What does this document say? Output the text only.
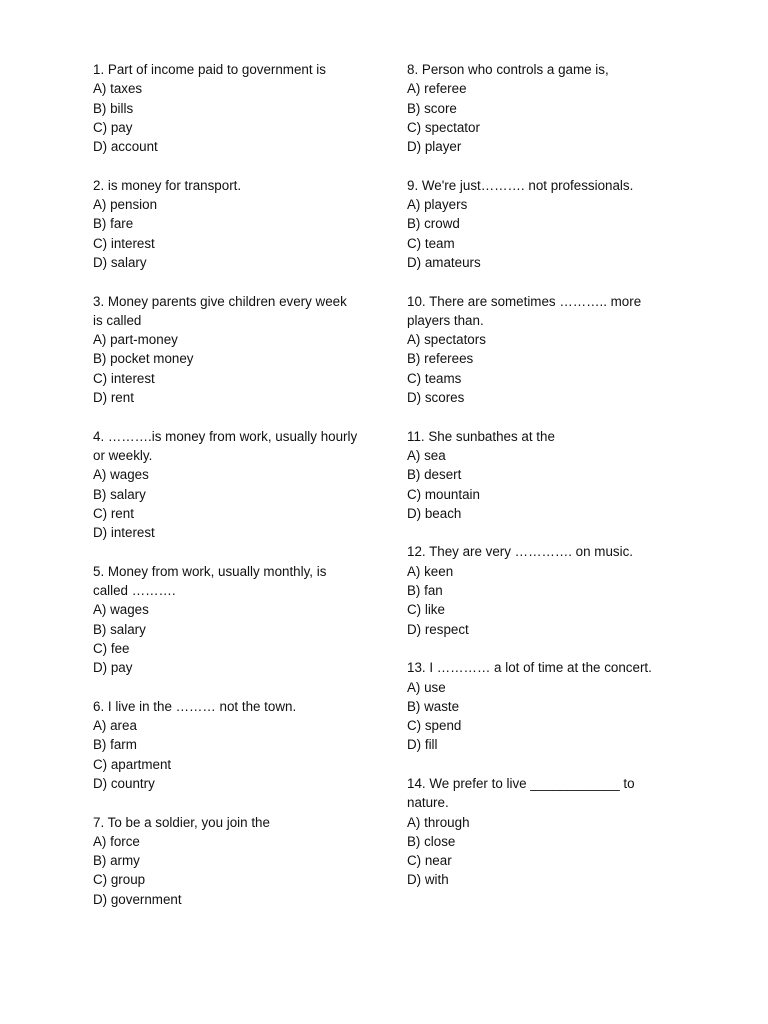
1. Part of income paid to government is
A) taxes
B) bills
C) pay
D) account
2. is money for transport.
A) pension
B) fare
C) interest
D) salary
3. Money parents give children every week is called
A) part-money
B) pocket money
C) interest
D) rent
4. ……….is money from work, usually hourly or weekly.
A) wages
B) salary
C) rent
D) interest
5. Money from work, usually monthly, is called ……….
A) wages
B) salary
C) fee
D) pay
6. I live in the ……… not the town.
A) area
B) farm
C) apartment
D) country
7. To be a soldier, you join the
A) force
B) army
C) group
D) government
8. Person who controls a game is,
A) referee
B) score
C) spectator
D) player
9. We're just………. not professionals.
A) players
B) crowd
C) team
D) amateurs
10. There are sometimes ……….. more players than.
A) spectators
B) referees
C) teams
D) scores
11. She sunbathes at the
A) sea
B) desert
C) mountain
D) beach
12. They are very …………. on music.
A) keen
B) fan
C) like
D) respect
13. I ………… a lot of time at the concert.
A) use
B) waste
C) spend
D) fill
14. We prefer to live ____________ to nature.
A) through
B) close
C) near
D) with
